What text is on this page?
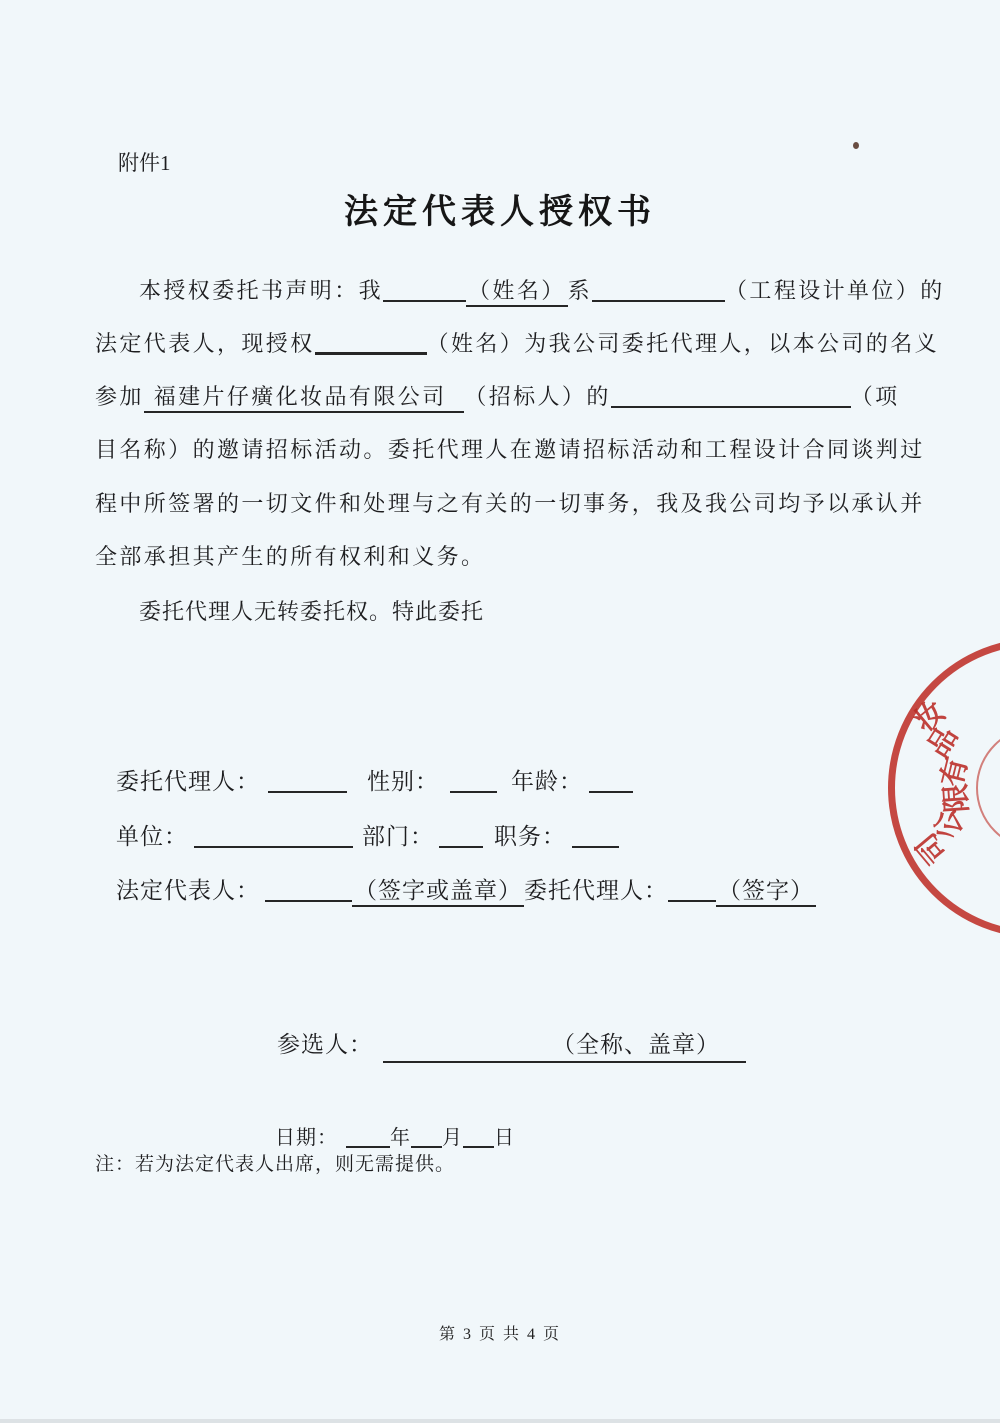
附件1
法定代表人授权书
本授权委托书声明：我	（姓名）系	（工程设计单位）的
法定代表人，现授权	（姓名）为我公司委托代理人，以本公司的名义
参加 福建片仔癀化妆品有限公司  （招标人）的	（项
目名称）的邀请招标活动。委托代理人在邀请招标活动和工程设计合同谈判过
程中所签署的一切文件和处理与之有关的一切事务，我及我公司均予以承认并
全部承担其产生的所有权利和义务。
委托代理人无转委托权。特此委托
委托代理人：	性别：	年龄：
单位：	部门：	职务：
法定代表人：	（签字或盖章）委托代理人： （签字）
参选人：	（全称、盖章）
日期：	年 月 日
注：若为法定代表人出席，则无需提供。
第 3 页 共 4 页
妆
品
有
限
公
司
